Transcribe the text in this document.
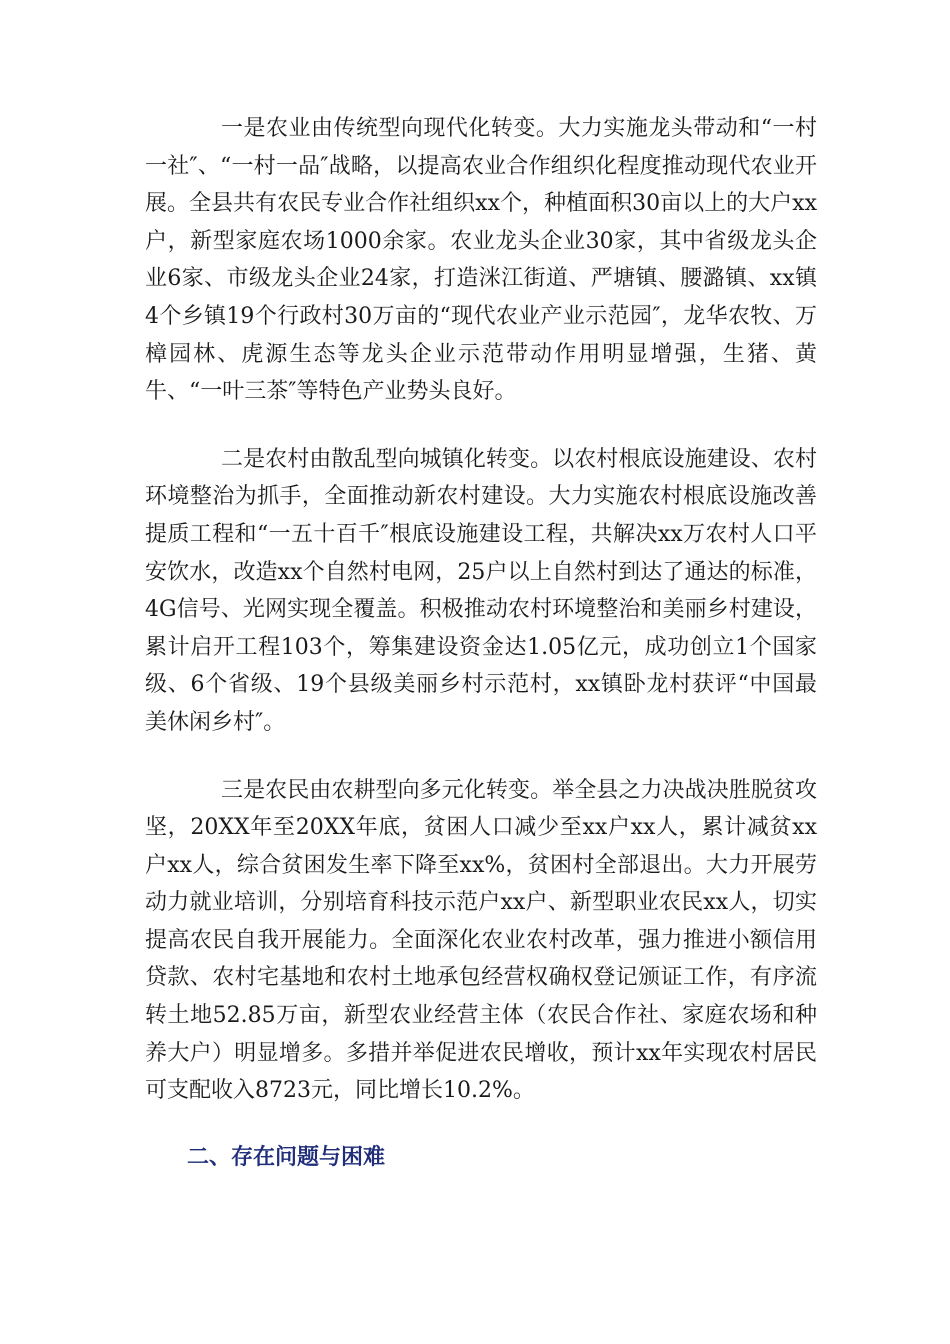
一是农业由传统型向现代化转变。大力实施龙头带动和“一村一社″、“一村一品″战略，以提高农业合作组织化程度推动现代农业开展。全县共有农民专业合作社组织xx个，种植面积30亩以上的大户xx户，新型家庭农场1000余家。农业龙头企业30家，其中省级龙头企业6家、市级龙头企业24家，打造洣江街道、严塘镇、腰潞镇、xx镇4个乡镇19个行政村30万亩的“现代农业产业示范园″，龙华农牧、万樟园林、虎源生态等龙头企业示范带动作用明显增强，生猪、黄牛、“一叶三茶″等特色产业势头良好。

二是农村由散乱型向城镇化转变。以农村根底设施建设、农村环境整治为抓手，全面推动新农村建设。大力实施农村根底设施改善提质工程和“一五十百千″根底设施建设工程，共解决xx万农村人口平安饮水，改造xx个自然村电网，25户以上自然村到达了通达的标准，4G信号、光网实现全覆盖。积极推动农村环境整治和美丽乡村建设，累计启开工程103个，筹集建设资金达1.05亿元，成功创立1个国家级、6个省级、19个县级美丽乡村示范村，xx镇卧龙村获评“中国最美休闲乡村″。

三是农民由农耕型向多元化转变。举全县之力决战决胜脱贫攻坚，20XX年至20XX年底，贫困人口减少至xx户xx人，累计减贫xx户xx人，综合贫困发生率下降至xx%，贫困村全部退出。大力开展劳动力就业培训，分别培育科技示范户xx户、新型职业农民xx人，切实提高农民自我开展能力。全面深化农业农村改革，强力推进小额信用贷款、农村宅基地和农村土地承包经营权确权登记颁证工作，有序流转土地52.85万亩，新型农业经营主体（农民合作社、家庭农场和种养大户）明显增多。多措并举促进农民增收，预计xx年实现农村居民可支配收入8723元，同比增长10.2%。

二、存在问题与困难
